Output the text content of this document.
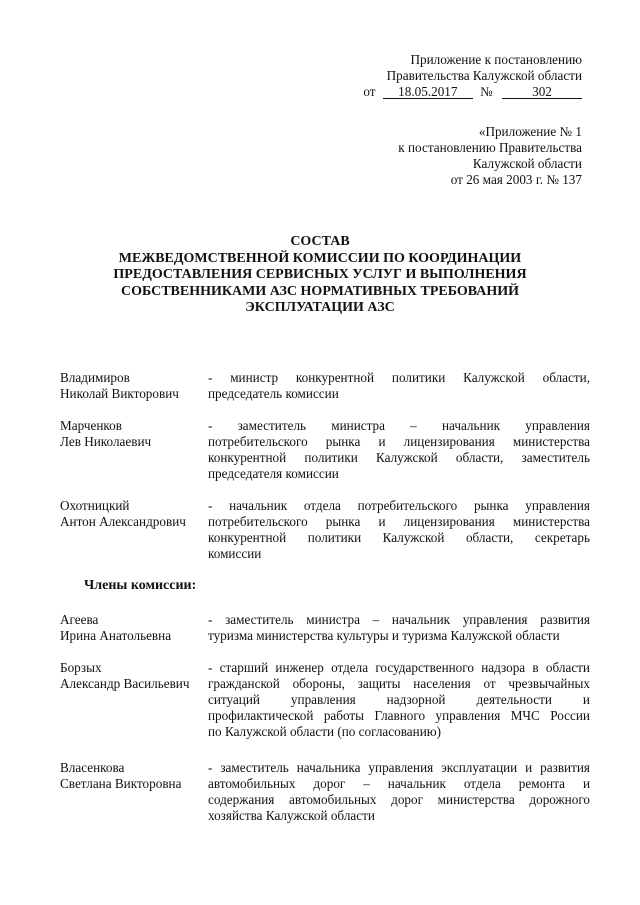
Приложение к постановлению
Правительства Калужской области
от 18.05.2017 №	302
«Приложение № 1
к постановлению Правительства
Калужской области
от 26 мая 2003 г. № 137
СОСТАВ
МЕЖВЕДОМСТВЕННОЙ КОМИССИИ ПО КООРДИНАЦИИ
ПРЕДОСТАВЛЕНИЯ СЕРВИСНЫХ УСЛУГ И ВЫПОЛНЕНИЯ
СОБСТВЕННИКАМИ АЗС НОРМАТИВНЫХ ТРЕБОВАНИЙ
ЭКСПЛУАТАЦИИ АЗС
Владимиров
Николай Викторович
- министр конкурентной политики Калужской области,
председатель комиссии
Марченков
Лев Николаевич
- заместитель министра – начальник управления
потребительского рынка и лицензирования министерства
конкурентной политики Калужской области, заместитель
председателя комиссии
Охотницкий
Антон Александрович
- начальник отдела потребительского рынка управления
потребительского рынка и лицензирования министерства
конкурентной политики Калужской области, секретарь
комиссии
Члены комиссии:
Агеева
Ирина Анатольевна
- заместитель министра – начальник управления развития
туризма министерства культуры и туризма Калужской области
Борзых
Александр Васильевич
- старший инженер отдела государственного надзора в области
гражданской обороны, защиты населения от чрезвычайных
ситуаций управления надзорной деятельности и
профилактической работы Главного управления МЧС России
по Калужской области (по согласованию)
Власенкова
Светлана Викторовна
- заместитель начальника управления эксплуатации и развития
автомобильных дорог – начальник отдела ремонта и
содержания автомобильных дорог министерства дорожного
хозяйства Калужской области
